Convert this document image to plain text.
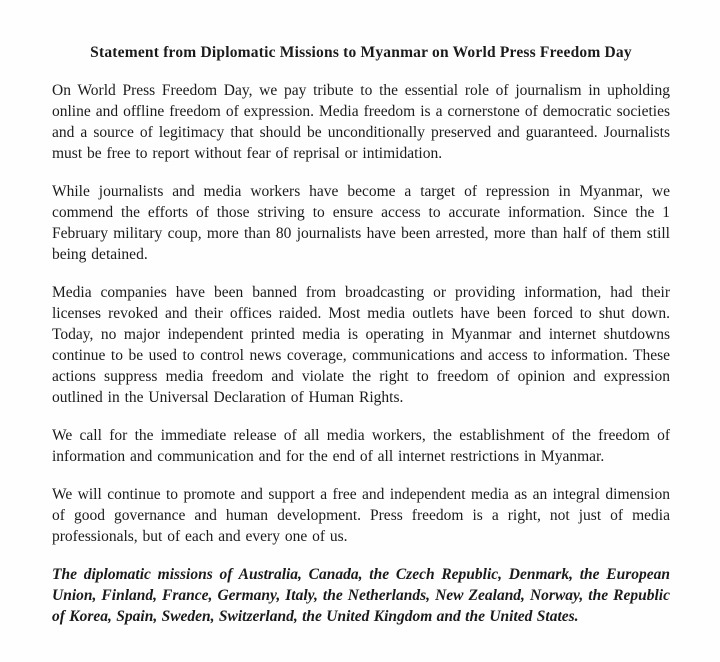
Statement from Diplomatic Missions to Myanmar on World Press Freedom Day

On World Press Freedom Day, we pay tribute to the essential role of journalism in upholding online and offline freedom of expression. Media freedom is a cornerstone of democratic societies and a source of legitimacy that should be unconditionally preserved and guaranteed. Journalists must be free to report without fear of reprisal or intimidation.

While journalists and media workers have become a target of repression in Myanmar, we commend the efforts of those striving to ensure access to accurate information. Since the 1 February military coup, more than 80 journalists have been arrested, more than half of them still being detained.

Media companies have been banned from broadcasting or providing information, had their licenses revoked and their offices raided. Most media outlets have been forced to shut down. Today, no major independent printed media is operating in Myanmar and internet shutdowns continue to be used to control news coverage, communications and access to information. These actions suppress media freedom and violate the right to freedom of opinion and expression outlined in the Universal Declaration of Human Rights.

We call for the immediate release of all media workers, the establishment of the freedom of information and communication and for the end of all internet restrictions in Myanmar.

We will continue to promote and support a free and independent media as an integral dimension of good governance and human development. Press freedom is a right, not just of media professionals, but of each and every one of us.

The diplomatic missions of Australia, Canada, the Czech Republic, Denmark, the European Union, Finland, France, Germany, Italy, the Netherlands, New Zealand, Norway, the Republic of Korea, Spain, Sweden, Switzerland, the United Kingdom and the United States.
